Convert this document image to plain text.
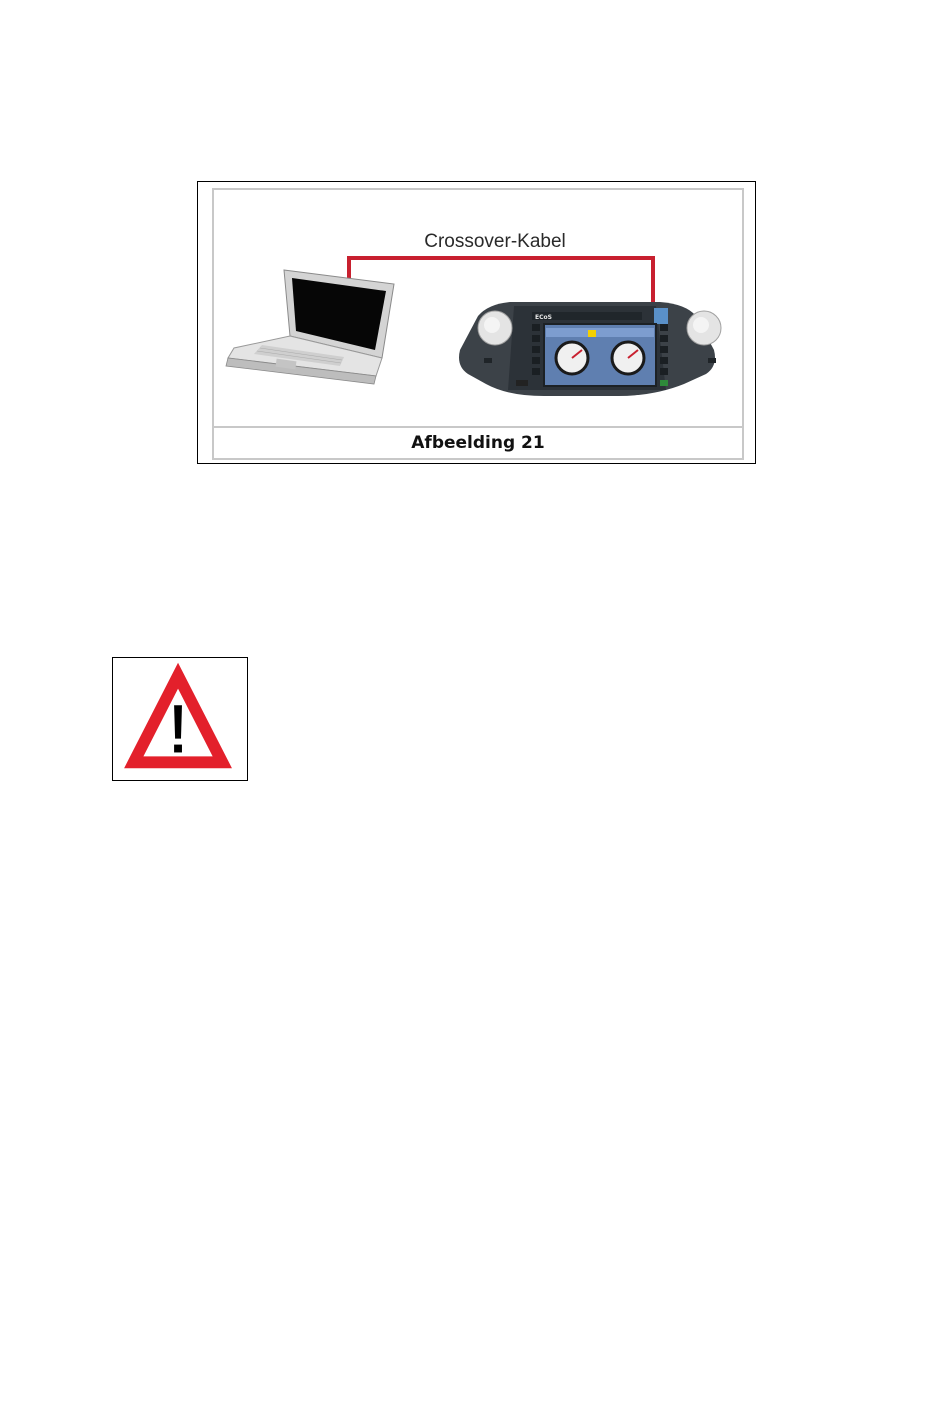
Crossover-Kabel
ECoS
Afbeelding 21
